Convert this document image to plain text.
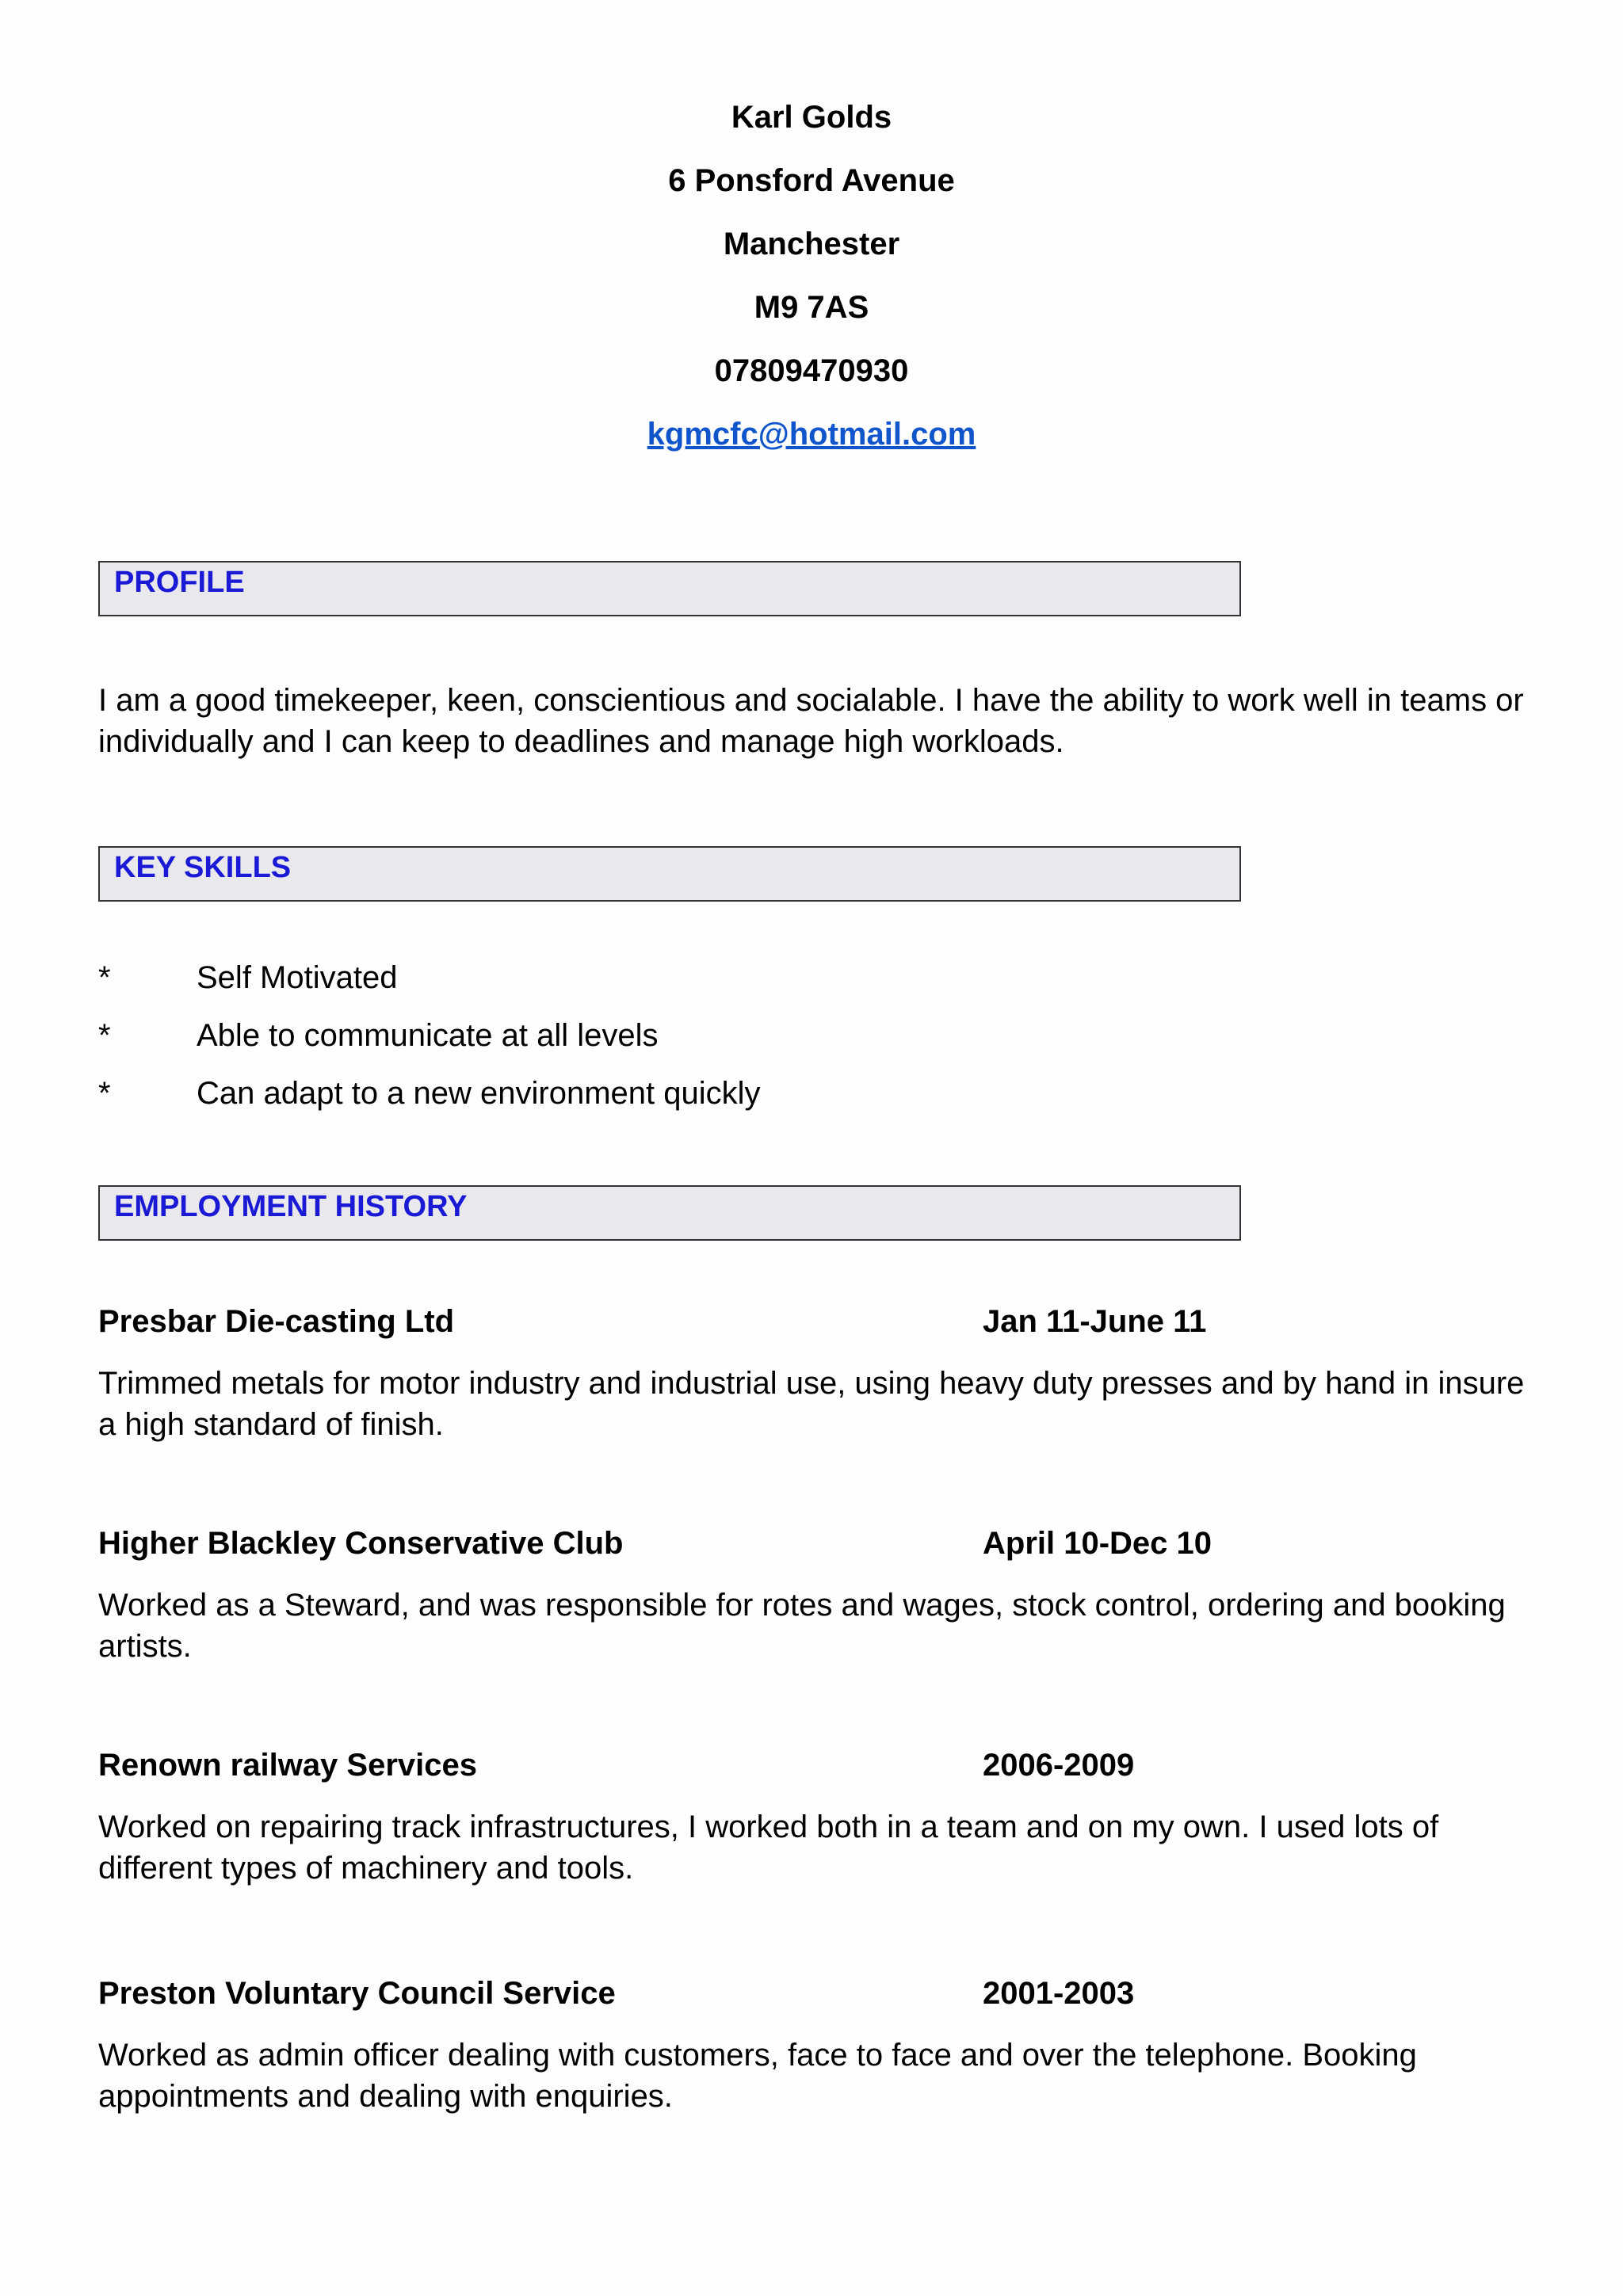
Karl Golds
6 Ponsford Avenue
Manchester
M9 7AS
07809470930
kgmcfc@hotmail.com
PROFILE
I am a good timekeeper, keen, conscientious and socialable. I have the ability to work well in teams or individually and I can keep to deadlines and manage high workloads.
KEY SKILLS
*	Self Motivated
*	Able to communicate at all levels
*	Can adapt to a new environment quickly
EMPLOYMENT HISTORY
Presbar Die-casting Ltd	Jan 11-June 11
Trimmed metals for motor industry and industrial use, using heavy duty presses and by hand in insure a high standard of finish.
Higher Blackley Conservative Club	April 10-Dec 10
Worked as a Steward, and was responsible for rotes and wages, stock control, ordering and booking artists.
Renown railway Services	2006-2009
Worked on repairing track infrastructures, I worked both in a team and on my own. I used lots of different types of machinery and tools.
Preston Voluntary Council Service	2001-2003
Worked as admin officer dealing with customers, face to face and over the telephone. Booking appointments and dealing with enquiries.
